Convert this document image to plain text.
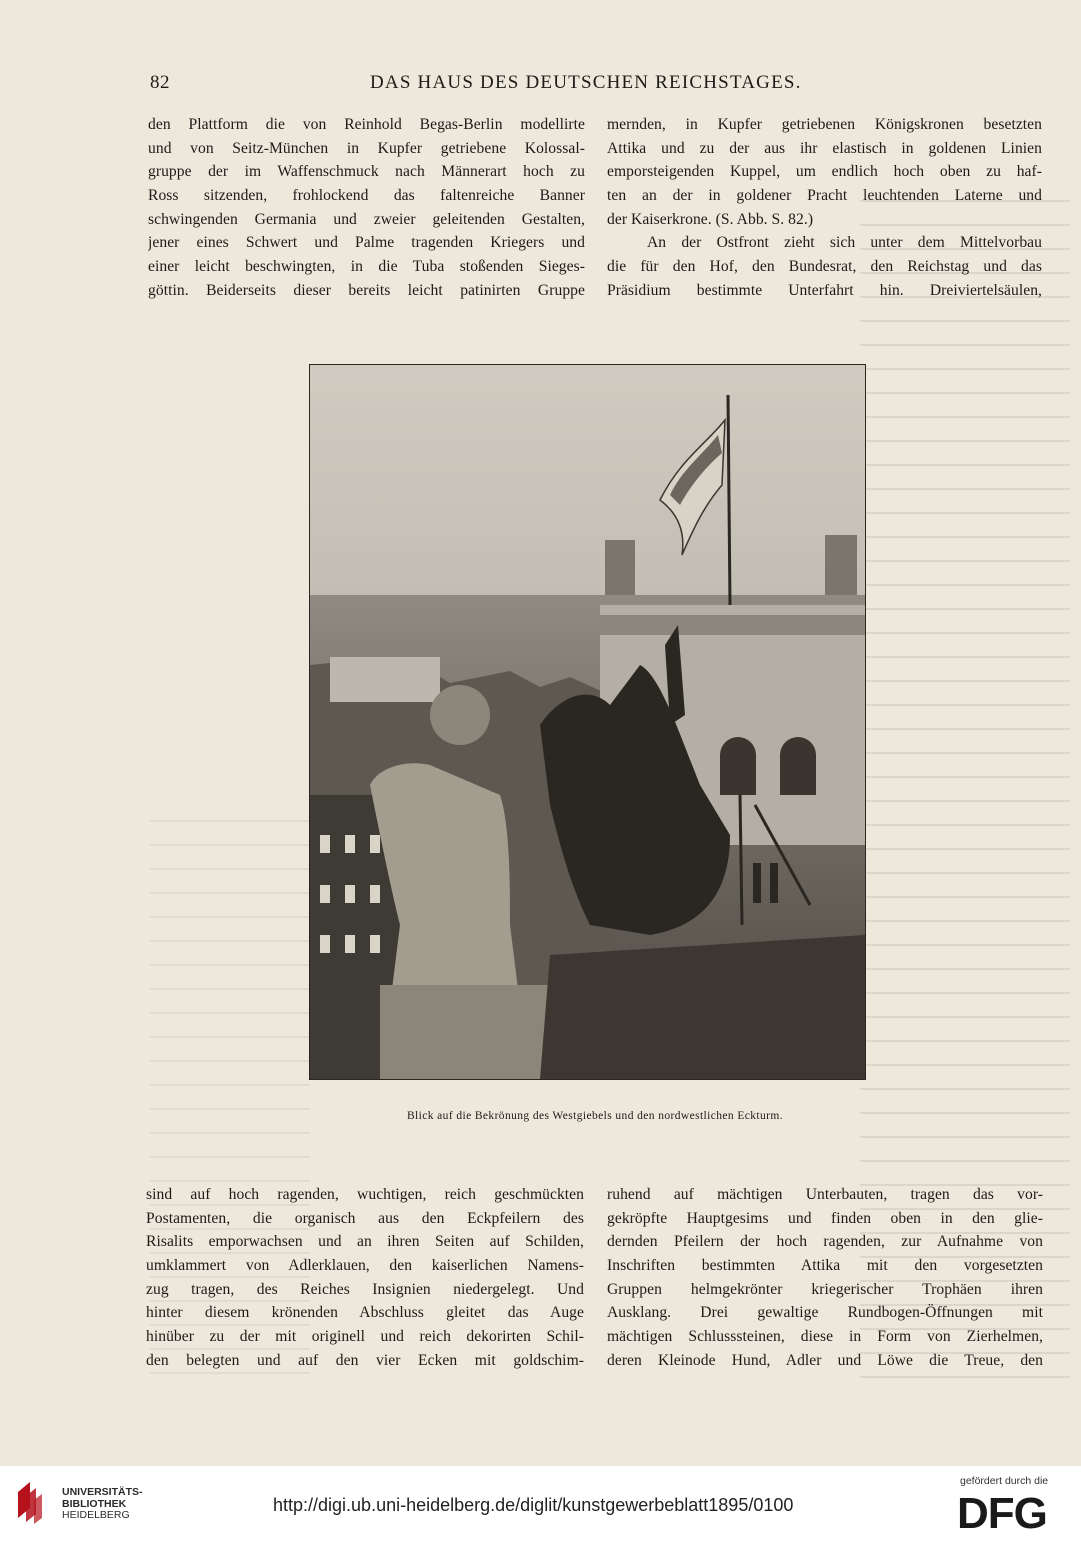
82	DAS HAUS DES DEUTSCHEN REICHSTAGES.
den Plattform die von Reinhold Begas-Berlin modellirte
und von Seitz-München in Kupfer getriebene Kolossal-
gruppe der im Waffenschmuck nach Männerart hoch zu
Ross sitzenden, frohlockend das faltenreiche Banner
schwingenden Germania und zweier geleitenden Gestalten,
jener eines Schwert und Palme tragenden Kriegers und
einer leicht beschwingten, in die Tuba stoßenden Sieges-
göttin. Beiderseits dieser bereits leicht patinirten Gruppe
mernden, in Kupfer getriebenen Königskronen besetzten
Attika und zu der aus ihr elastisch in goldenen Linien
emporsteigenden Kuppel, um endlich hoch oben zu haf-
ten an der in goldener Pracht leuchtenden Laterne und
der Kaiserkrone. (S. Abb. S. 82.)
An der Ostfront zieht sich unter dem Mittelvorbau
die für den Hof, den Bundesrat, den Reichstag und das
Präsidium bestimmte Unterfahrt hin. Dreiviertelsäulen,
Blick auf die Bekrönung des Westgiebels und den nordwestlichen Eckturm.
sind auf hoch ragenden, wuchtigen, reich geschmückten
Postamenten, die organisch aus den Eckpfeilern des
Risalits emporwachsen und an ihren Seiten auf Schilden,
umklammert von Adlerklauen, den kaiserlichen Namens-
zug tragen, des Reiches Insignien niedergelegt. Und
hinter diesem krönenden Abschluss gleitet das Auge
hinüber zu der mit originell und reich dekorirten Schil-
den belegten und auf den vier Ecken mit goldschim-
ruhend auf mächtigen Unterbauten, tragen das vor-
gekröpfte Hauptgesims und finden oben in den glie-
dernden Pfeilern der hoch ragenden, zur Aufnahme von
Inschriften bestimmten Attika mit den vorgesetzten
Gruppen helmgekrönter kriegerischer Trophäen ihren
Ausklang. Drei gewaltige Rundbogen-Öffnungen mit
mächtigen Schlusssteinen, diese in Form von Zierhelmen,
deren Kleinode Hund, Adler und Löwe die Treue, den
UNIVERSITÄTS-
BIBLIOTHEK
HEIDELBERG	http://digi.ub.uni-heidelberg.de/diglit/kunstgewerbeblatt1895/0100
gefördert durch die
DFG
